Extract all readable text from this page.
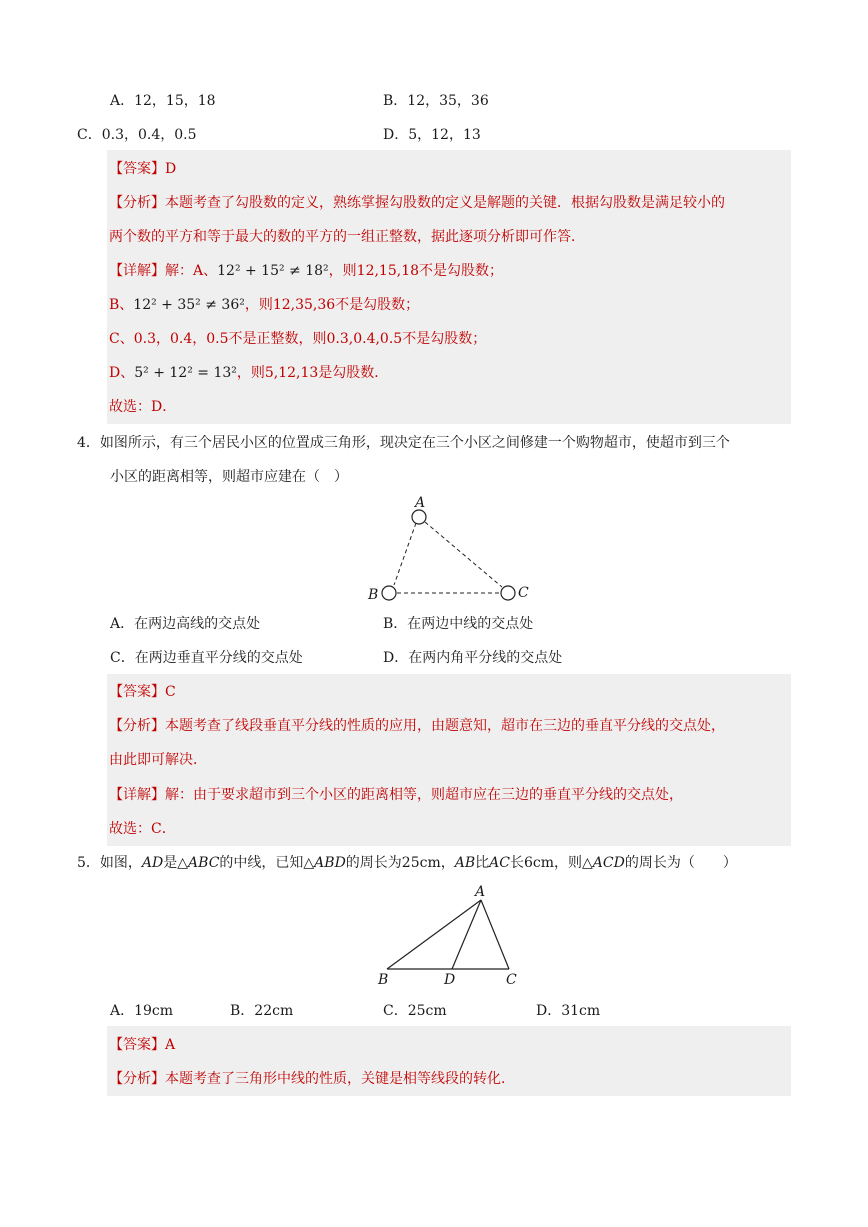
A．12，15，18	B．12，35，36
C．0.3，0.4，0.5	D．5，12，13
【答案】D
【分析】本题考查了勾股数的定义，熟练掌握勾股数的定义是解题的关键．根据勾股数是满足较小的
两个数的平方和等于最大的数的平方的一组正整数，据此逐项分析即可作答．
【详解】解：A、12² + 15² ≠ 18²，则12,15,18不是勾股数；
B、12² + 35² ≠ 36²，则12,35,36不是勾股数；
C、0.3，0.4，0.5不是正整数，则0.3,0.4,0.5不是勾股数；
D、5² + 12² = 13²，则5,12,13是勾股数．
故选：D．
4．如图所示，有三个居民小区的位置成三角形，现决定在三个小区之间修建一个购物超市，使超市到三个
小区的距离相等，则超市应建在（　）
A
B	C
A．在两边高线的交点处	B．在两边中线的交点处
C．在两边垂直平分线的交点处	D．在两内角平分线的交点处
【答案】C
【分析】本题考查了线段垂直平分线的性质的应用，由题意知，超市在三边的垂直平分线的交点处，
由此即可解决．
【详解】解：由于要求超市到三个小区的距离相等，则超市应在三边的垂直平分线的交点处，
故选：C．
5．如图，AD是△ABC的中线，已知△ABD的周长为25cm，AB比AC长6cm，则△ACD的周长为（　　）
A
B	D	C
A．19cm	B．22cm	C．25cm	D．31cm
【答案】A
【分析】本题考查了三角形中线的性质，关键是相等线段的转化．
